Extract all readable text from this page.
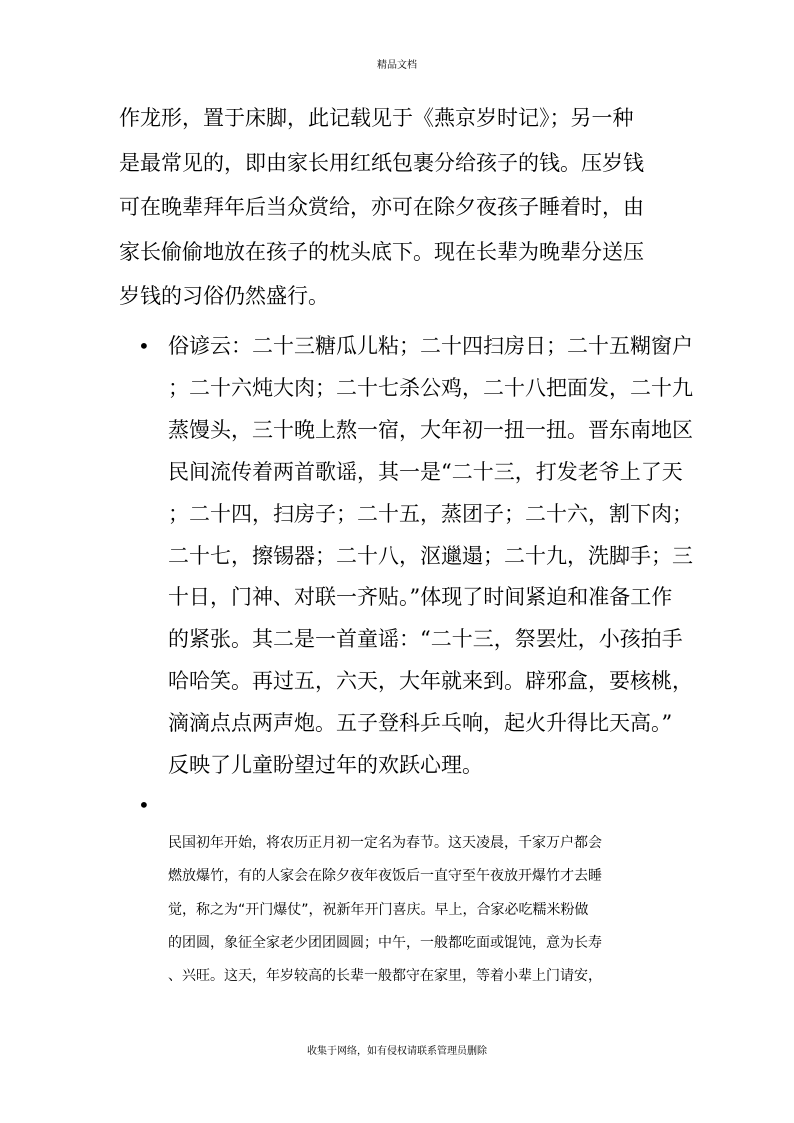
精品文档
作龙形，置于床脚，此记载见于《燕京岁时记》；另一种
是最常见的，即由家长用红纸包裹分给孩子的钱。压岁钱
可在晚辈拜年后当众赏给，亦可在除夕夜孩子睡着时，由
家长偷偷地放在孩子的枕头底下。现在长辈为晚辈分送压
岁钱的习俗仍然盛行。
• 俗谚云：二十三糖瓜儿粘；二十四扫房日；二十五糊窗户
；二十六炖大肉；二十七杀公鸡，二十八把面发，二十九
蒸馒头，三十晚上熬一宿，大年初一扭一扭。晋东南地区
民间流传着两首歌谣，其一是“二十三，打发老爷上了天
；二十四，扫房子；二十五，蒸团子；二十六，割下肉；
二十七，擦锡器；二十八，沤邋遢；二十九，洗脚手；三
十日，门神、对联一齐贴。”体现了时间紧迫和准备工作
的紧张。其二是一首童谣：“二十三，祭罢灶，小孩拍手
哈哈笑。再过五，六天，大年就来到。辟邪盒，要核桃，
滴滴点点两声炮。五子登科乒乓响，起火升得比天高。”
反映了儿童盼望过年的欢跃心理。
•
民国初年开始，将农历正月初一定名为春节。这天凌晨，千家万户都会
燃放爆竹，有的人家会在除夕夜年夜饭后一直守至午夜放开爆竹才去睡
觉，称之为“开门爆仗”，祝新年开门喜庆。早上，合家必吃糯米粉做
的团圆，象征全家老少团团圆圆；中午，一般都吃面或馄饨，意为长寿
、兴旺。这天，年岁较高的长辈一般都守在家里，等着小辈上门请安，
收集于网络，如有侵权请联系管理员删除
